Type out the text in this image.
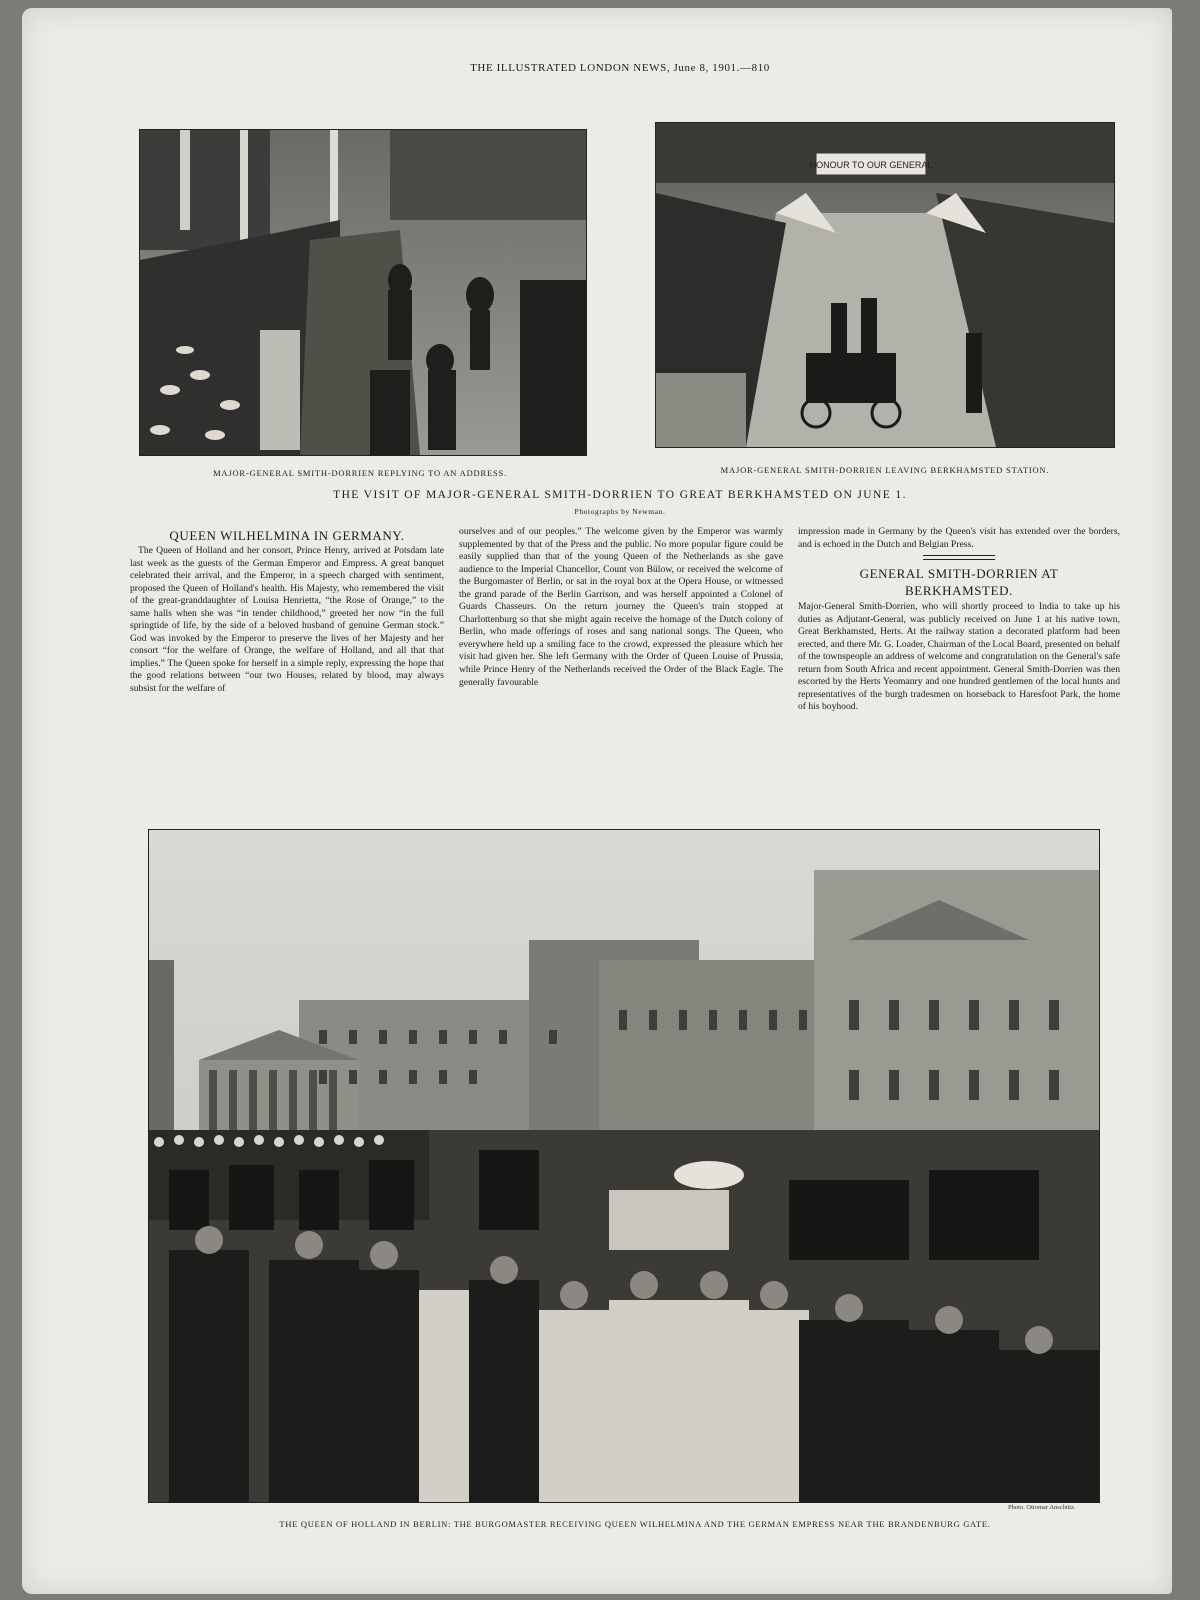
THE ILLUSTRATED LONDON NEWS, June 8, 1901.—810
HONOUR TO OUR GENERAL
MAJOR-GENERAL SMITH-DORRIEN REPLYING TO AN ADDRESS.	MAJOR-GENERAL SMITH-DORRIEN LEAVING BERKHAMSTED STATION.
THE VISIT OF MAJOR-GENERAL SMITH-DORRIEN TO GREAT BERKHAMSTED ON JUNE 1.
Photographs by Newman.
QUEEN WILHELMINA IN GERMANY.

The Queen of Holland and her consort, Prince Henry, arrived at Potsdam late last week as the guests of the German Emperor and Empress. A great banquet celebrated their arrival, and the Emperor, in a speech charged with sentiment, proposed the Queen of Holland's health. His Majesty, who remembered the visit of the great-granddaughter of Louisa Henrietta, “the Rose of Orange,” to the same halls when she was “in tender childhood,” greeted her now “in the full springtide of life, by the side of a beloved husband of genuine German stock.” God was invoked by the Emperor to preserve the lives of her Majesty and her consort “for the welfare of Orange, the welfare of Holland, and all that that implies.” The Queen spoke for herself in a simple reply, expressing the hope that the good relations between “our two Houses, related by blood, may always subsist for the welfare of

ourselves and of our peoples.” The welcome given by the Emperor was warmly supplemented by that of the Press and the public. No more popular figure could be easily supplied than that of the young Queen of the Netherlands as she gave audience to the Imperial Chancellor, Count von Bülow, or received the welcome of the Burgomaster of Berlin, or sat in the royal box at the Opera House, or witnessed the grand parade of the Berlin Garrison, and was herself appointed a Colonel of Guards Chasseurs. On the return journey the Queen's train stopped at Charlottenburg so that she might again receive the homage of the Dutch colony of Berlin, who made offerings of roses and sang national songs. The Queen, who everywhere held up a smiling face to the crowd, expressed the pleasure which her visit had given her. She left Germany with the Order of Queen Louise of Prussia, while Prince Henry of the Netherlands received the Order of the Black Eagle. The generally favourable

impression made in Germany by the Queen's visit has extended over the borders, and is echoed in the Dutch and Belgian Press.

GENERAL SMITH-DORRIEN AT
BERKHAMSTED.

Major-General Smith-Dorrien, who will shortly proceed to India to take up his duties as Adjutant-General, was publicly received on June 1 at his native town, Great Berkhamsted, Herts. At the railway station a decorated platform had been erected, and there Mr. G. Loader, Chairman of the Local Board, presented on behalf of the townspeople an address of welcome and congratulation on the General's safe return from South Africa and recent appointment. General Smith-Dorrien was then escorted by the Herts Yeomanry and one hundred gentlemen of the local hunts and representatives of the burgh tradesmen on horseback to Haresfoot Park, the home of his boyhood.

Photo. Ottomar Anschütz.
THE QUEEN OF HOLLAND IN BERLIN: THE BURGOMASTER RECEIVING QUEEN WILHELMINA AND THE GERMAN EMPRESS NEAR THE BRANDENBURG GATE.
